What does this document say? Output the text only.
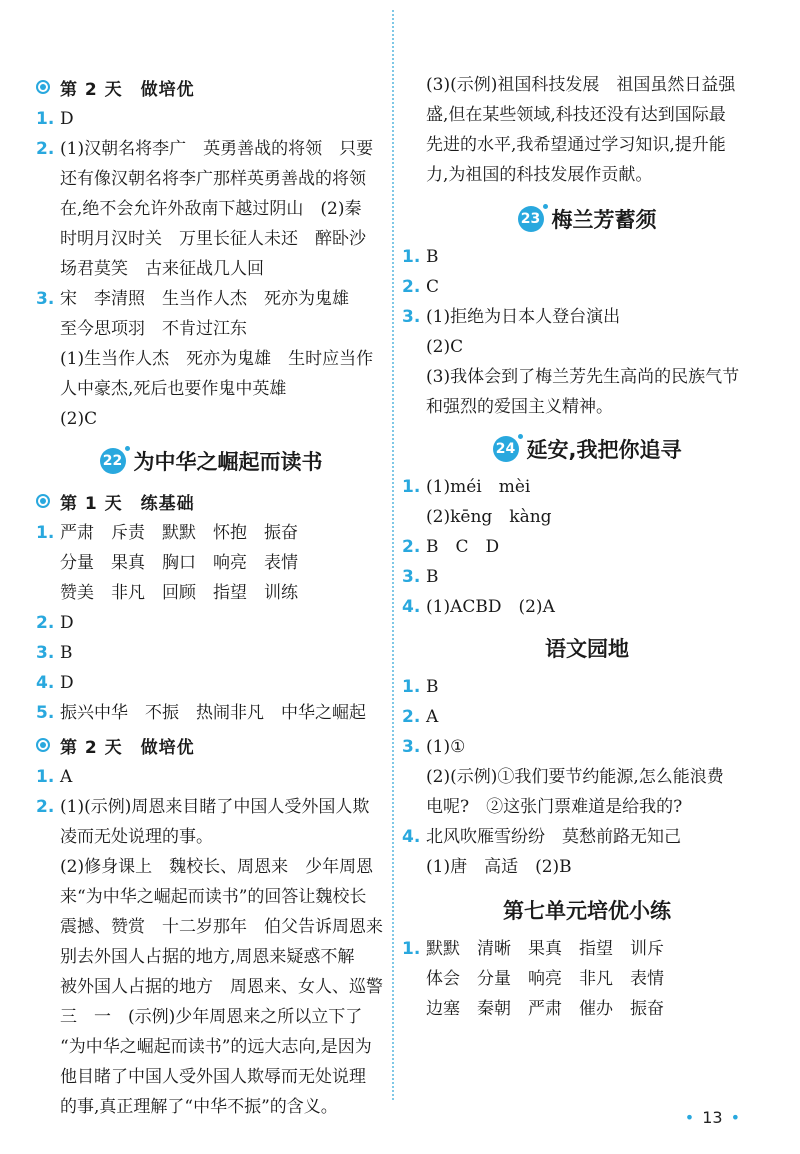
第 2 天　做培优
1. D
2. (1)汉朝名将李广　英勇善战的将领　只要
还有像汉朝名将李广那样英勇善战的将领
在,绝不会允许外敌南下越过阴山　(2)秦
时明月汉时关　万里长征人未还　醉卧沙
场君莫笑　古来征战几人回
3. 宋　李清照　生当作人杰　死亦为鬼雄
至今思项羽　不肯过江东
(1)生当作人杰　死亦为鬼雄　生时应当作
人中豪杰,死后也要作鬼中英雄
(2)C
22 为中华之崛起而读书
第 1 天　练基础
1. 严肃　斥责　默默　怀抱　振奋
分量　果真　胸口　响亮　表情
赞美　非凡　回顾　指望　训练
2. D
3. B
4. D
5. 振兴中华　不振　热闹非凡　中华之崛起
第 2 天　做培优
1. A
2. (1)(示例)周恩来目睹了中国人受外国人欺
凌而无处说理的事。
(2)修身课上　魏校长、周恩来　少年周恩
来“为中华之崛起而读书”的回答让魏校长
震撼、赞赏　十二岁那年　伯父告诉周恩来
别去外国人占据的地方,周恩来疑惑不解
被外国人占据的地方　周恩来、女人、巡警
三　一　(示例)少年周恩来之所以立下了
“为中华之崛起而读书”的远大志向,是因为
他目睹了中国人受外国人欺辱而无处说理
的事,真正理解了“中华不振”的含义。
(3)(示例)祖国科技发展　祖国虽然日益强
盛,但在某些领域,科技还没有达到国际最
先进的水平,我希望通过学习知识,提升能
力,为祖国的科技发展作贡献。
23 梅兰芳蓄须
1. B
2. C
3. (1)拒绝为日本人登台演出
(2)C
(3)我体会到了梅兰芳先生高尚的民族气节
和强烈的爱国主义精神。
24 延安,我把你追寻
1. (1)méi　mèi
(2)kēng　kàng
2. B　C　D
3. B
4. (1)ACBD　(2)A
语文园地
1. B
2. A
3. (1)①
(2)(示例)①我们要节约能源,怎么能浪费
电呢?　②这张门票难道是给我的?
4. 北风吹雁雪纷纷　莫愁前路无知己
(1)唐　高适　(2)B
第七单元培优小练
1. 默默　清晰　果真　指望　训斥
体会　分量　响亮　非凡　表情
边塞　秦朝　严肃　催办　振奋
• 13 •
